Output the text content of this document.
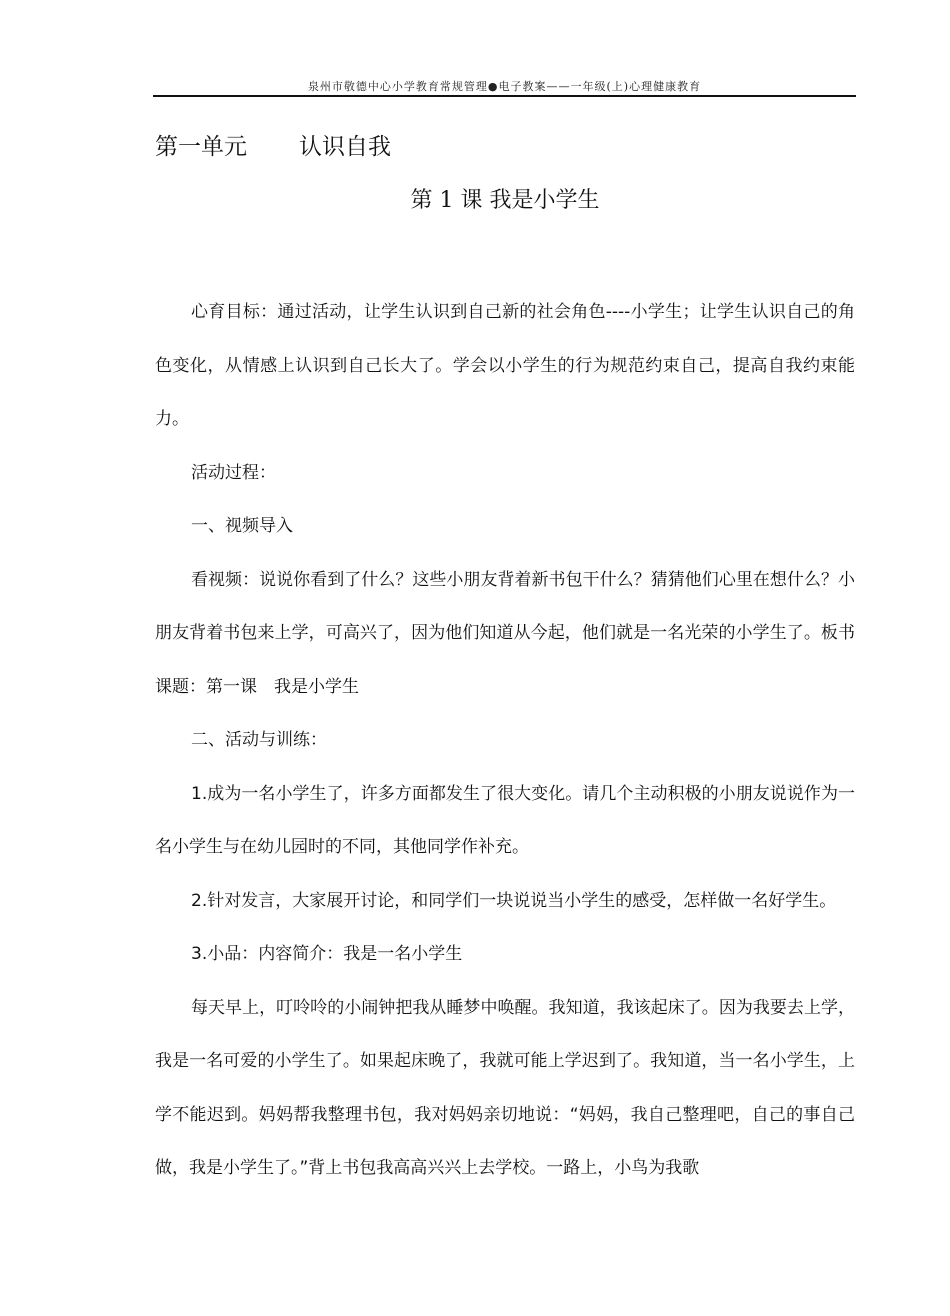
泉州市敬德中心小学教育常规管理●电子教案——一年级(上)心理健康教育
第一单元 认识自我
第 1 课 我是小学生

心育目标：通过活动，让学生认识到自己新的社会角色----小学生；让学生认识自己的角色变化，从情感上认识到自己长大了。学会以小学生的行为规范约束自己，提高自我约束能力。

活动过程：

一、视频导入

看视频：说说你看到了什么？这些小朋友背着新书包干什么？猜猜他们心里在想什么？小朋友背着书包来上学，可高兴了，因为他们知道从今起，他们就是一名光荣的小学生了。板书课题：第一课　我是小学生

二、活动与训练：

1.成为一名小学生了，许多方面都发生了很大变化。请几个主动积极的小朋友说说作为一名小学生与在幼儿园时的不同，其他同学作补充。

2.针对发言，大家展开讨论，和同学们一块说说当小学生的感受，怎样做一名好学生。

3.小品：内容简介：我是一名小学生

每天早上，叮呤呤的小闹钟把我从睡梦中唤醒。我知道，我该起床了。因为我要去上学，我是一名可爱的小学生了。如果起床晚了，我就可能上学迟到了。我知道，当一名小学生，上学不能迟到。妈妈帮我整理书包，我对妈妈亲切地说：“妈妈，我自己整理吧，自己的事自己做，我是小学生了。”背上书包我高高兴兴上去学校。一路上，小鸟为我歌
